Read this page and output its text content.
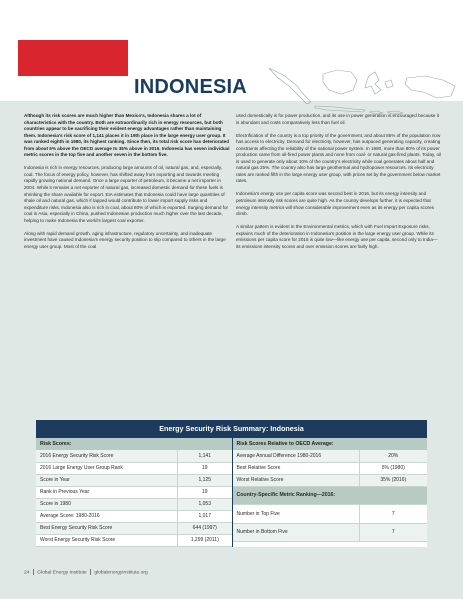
INDONESIA

Although its risk scores are much higher than Mexico’s, Indonesia shares a lot of characteristics with the country. Both are extraordinarily rich in energy resources, but both countries appear to be sacrificing their evident energy advantages rather than maintaining them. Indonesia’s risk score of 1,141 places it in 19th place in the large energy user group. It was ranked eighth in 1980, its highest ranking. Since then, its total risk score has deteriorated from about 5% above the OECD average to 35% above in 2016. Indonesia has seven individual metric scores in the top five and another seven in the bottom five.

Indonesia is rich in energy resources, producing large amounts of oil, natural gas, and, especially, coal. The focus of energy policy, however, has shifted away from exporting and towards meeting rapidly growing national demand. Once a large exporter of petroleum, it became a net importer in 2004. While it remains a net exporter of natural gas, increased domestic demand for these fuels is shrinking the share available for export. EIA estimates that Indonesia could have large quantities of shale oil and natural gas, which if tapped would contribute to lower import supply risks and expenditure risks. Indonesia also is rich in coal, about 80% of which is exported. Surging demand for coal in Asia, especially in China, pushed Indonesian production much higher over the last decade, helping to make Indonesia the world’s largest coal exporter.

Along with rapid demand growth, aging infrastructure, regulatory uncertainty, and inadequate investment have caused Indonesia’s energy security position to slip compared to others in the large energy user group. Most of the coal

used domestically is for power production, and its use in power generation is encouraged because it is abundant and costs comparatively less than fuel oil.

Electrification of the country is a top priority of the government, and about 85% of the population now has access to electricity. Demand for electricity, however, has outpaced generating capacity, creating constraints affecting the reliability of the national power system. In 1980, more than 80% of its power production came from oil-fired power plants and none from coal- or natural gas-fired plants. Today, oil is used to generate only about 10% of the country’s electricity while coal generates about half and natural gas 25%. The country also has large geothermal and hydropower resources. Its electricity rates are ranked fifth in the large energy user group, with prices set by the government below market rates.

Indonesia’s energy use per capita score was second best in 2016, but its energy intensity and petroleum intensity risk scores are quite high. As the country develops further, it is expected that energy intensity metrics will show considerable improvement even as its energy per capita scores climb.

A similar pattern is evident in the Environmental metrics, which with Fuel Import Exposure risks, explains much of the deterioration in Indonesia’s position in the large energy user group. While its emissions per capita score for 2016 is quite low—like energy use per capita, second only to India—its emissions intensity scores and over emission scores are fairly high.

Energy Security Risk Summary: Indonesia
Risk Scores:
2016 Energy Security Risk Score	1,141
2016 Large Energy User Group Rank	19
Score in Year	1,125
Rank in Previous Year	19
Score in 1980	1,053
Average Score: 1980-2016	1,017
Best Energy Security Risk Score	644 (1997)
Worst Energy Security Risk Score	1,299 (2011)
Risk Scores Relative to OECD Average:
Average Annual Difference 1980-2016	20%
Best Relative Score	5% (1980)
Worst Relative Score	35% (2016)
Country-Specific Metric Ranking—2016:	
Number in Top Five	7
Number in Bottom Five	7
24 Global Energy Institute globalenergyinstitute.org
